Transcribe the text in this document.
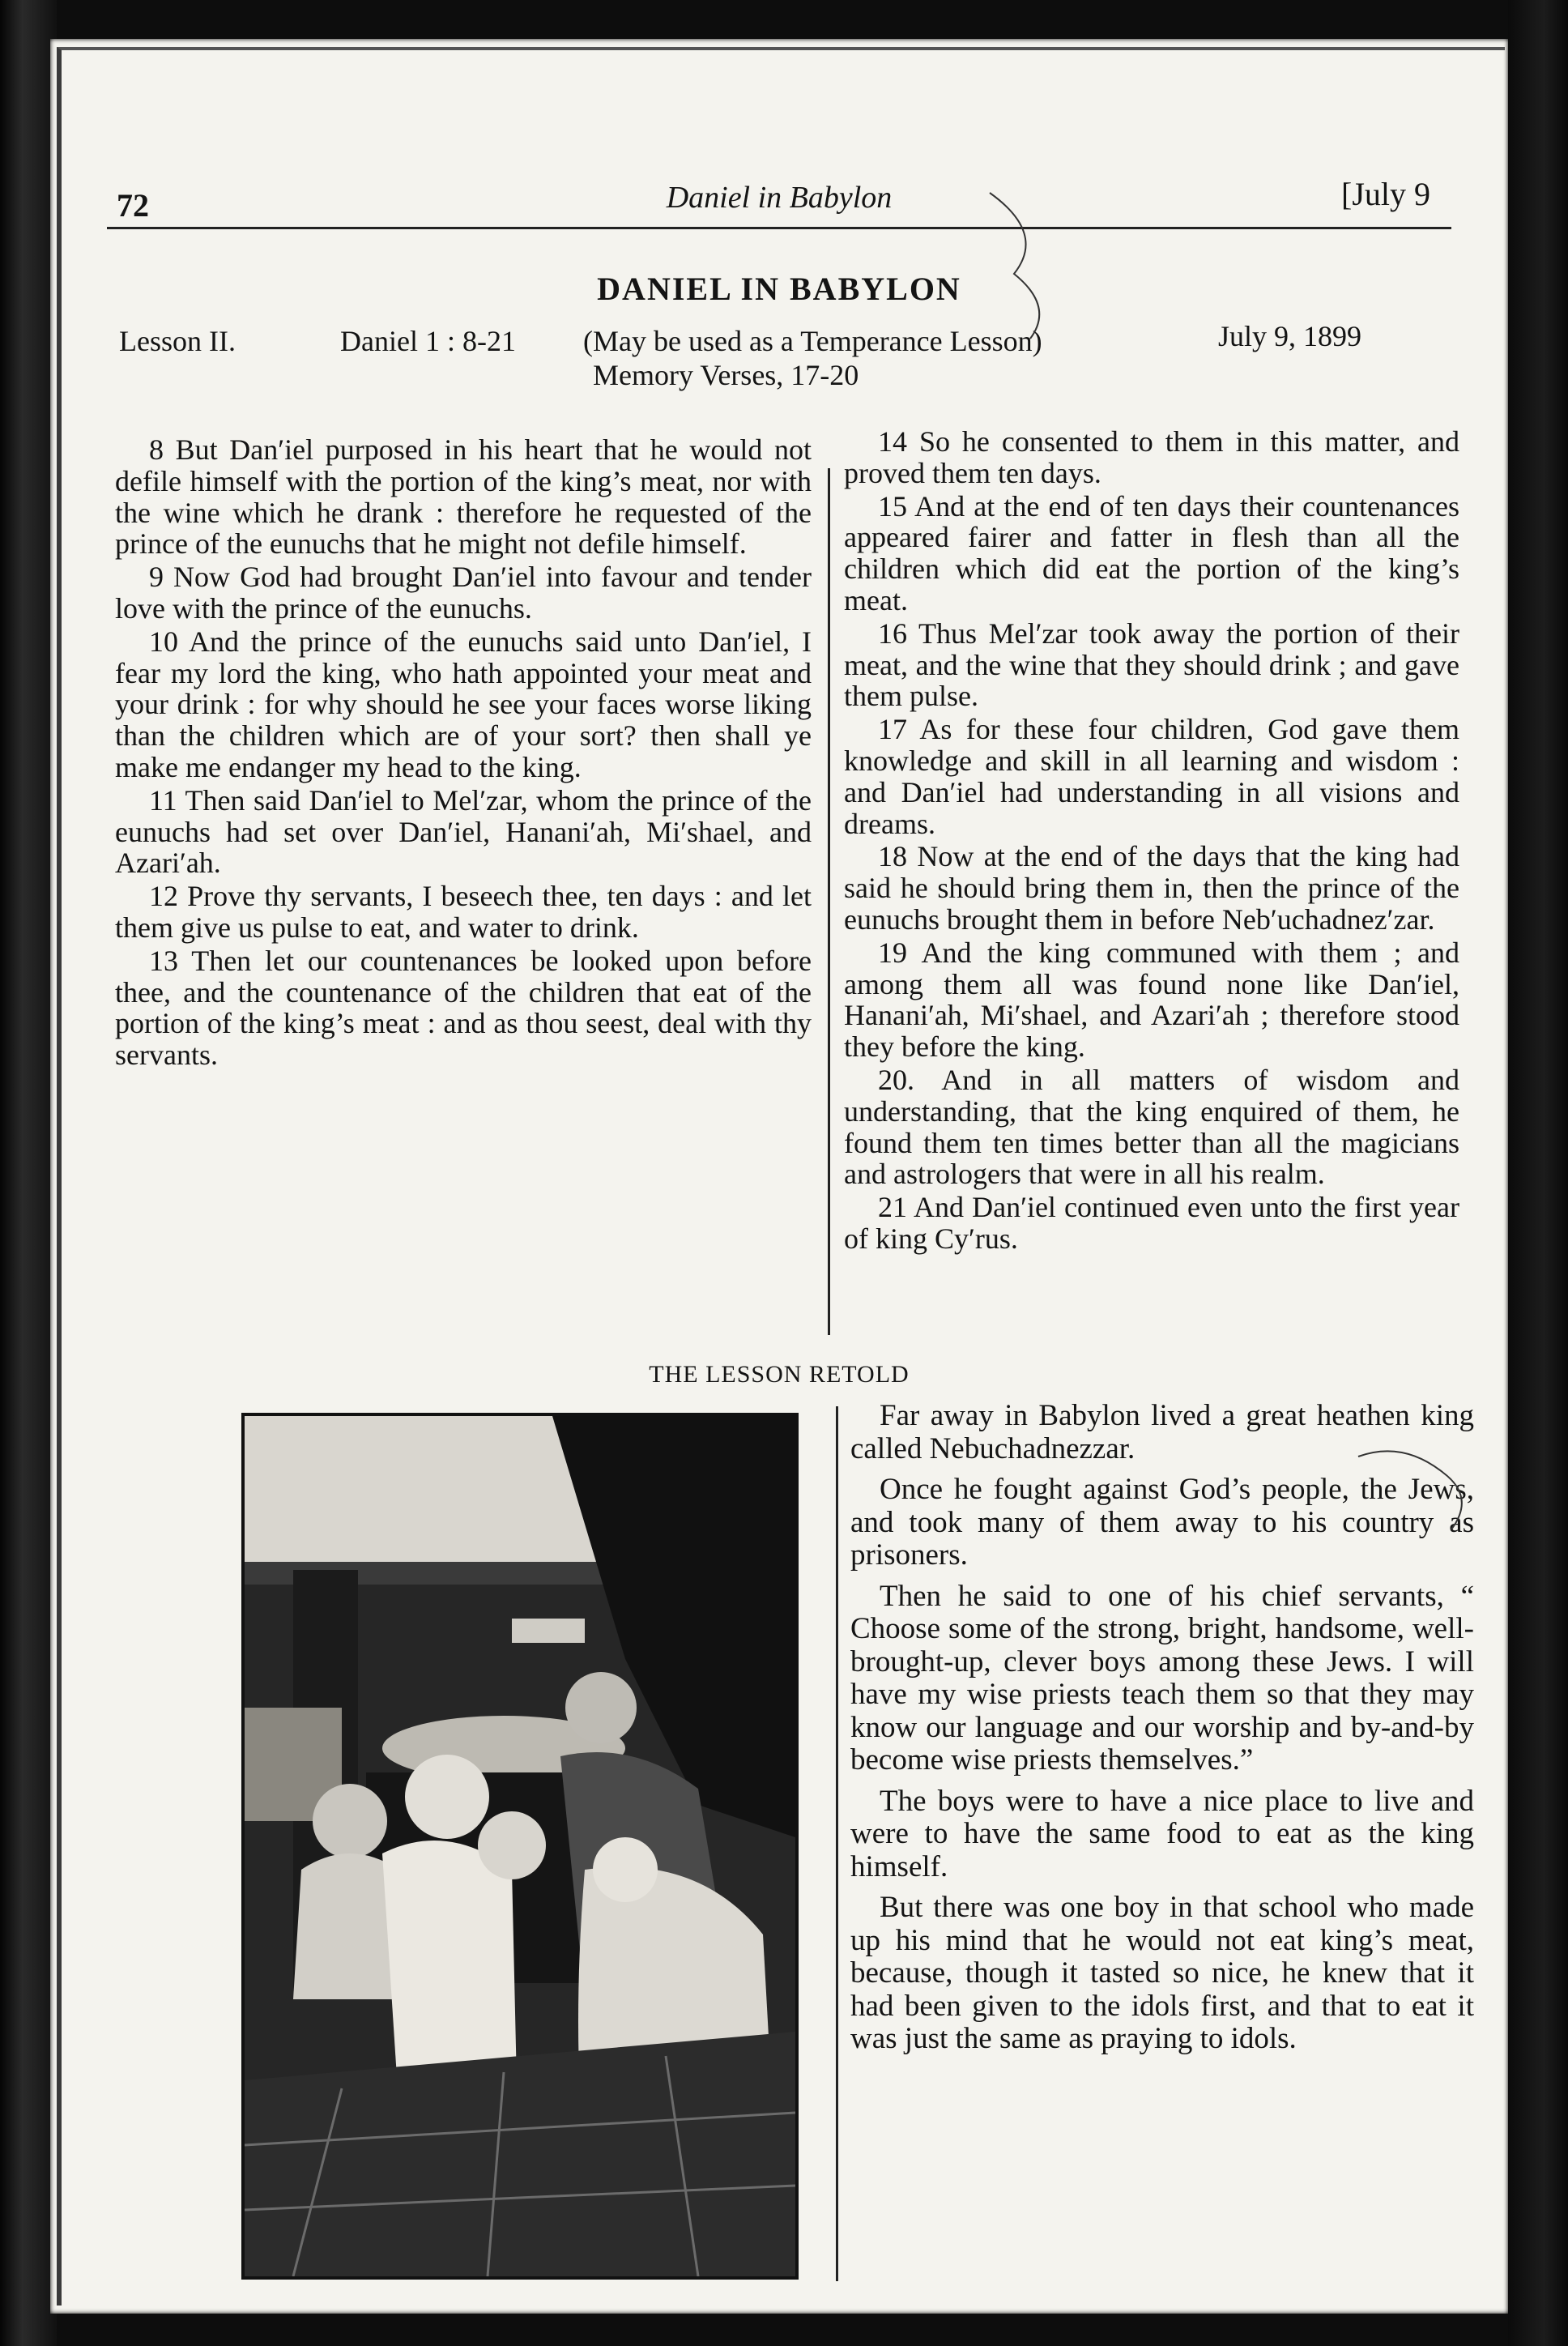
72	Daniel in Babylon	[July 9
DANIEL IN BABYLON
Lesson II.	Daniel 1 : 8-21 (May be used as a Temperance Lesson)	July 9, 1899
Memory Verses, 17-20

8 But Dan′iel purposed in his heart that he would not defile himself with the portion of the king’s meat, nor with the wine which he drank : therefore he requested of the prince of the eunuchs that he might not defile himself.

9 Now God had brought Dan′iel into favour and tender love with the prince of the eunuchs.

10 And the prince of the eunuchs said unto Dan′iel, I fear my lord the king, who hath appointed your meat and your drink : for why should he see your faces worse liking than the children which are of your sort? then shall ye make me endanger my head to the king.

11 Then said Dan′iel to Mel′zar, whom the prince of the eunuchs had set over Dan′iel, Hanani′ah, Mi′shael, and Azari′ah.

12 Prove thy servants, I beseech thee, ten days : and let them give us pulse to eat, and water to drink.

13 Then let our countenances be looked upon before thee, and the countenance of the children that eat of the portion of the king’s meat : and as thou seest, deal with thy servants.

14 So he consented to them in this matter, and proved them ten days.

15 And at the end of ten days their countenances appeared fairer and fatter in flesh than all the children which did eat the portion of the king’s meat.

16 Thus Mel′zar took away the portion of their meat, and the wine that they should drink ; and gave them pulse.

17 As for these four children, God gave them knowledge and skill in all learning and wisdom : and Dan′iel had understanding in all visions and dreams.

18 Now at the end of the days that the king had said he should bring them in, then the prince of the eunuchs brought them in before Neb′uchadnez′zar.

19 And the king communed with them ; and among them all was found none like Dan′iel, Hanani′ah, Mi′shael, and Azari′ah ; therefore stood they before the king.

20. And in all matters of wisdom and understanding, that the king enquired of them, he found them ten times better than all the magicians and astrologers that were in all his realm.

21 And Dan′iel continued even unto the first year of king Cy′rus.

THE LESSON RETOLD

Far away in Babylon lived a great heathen king called Nebuchadnezzar.

Once he fought against God’s people, the Jews, and took many of them away to his country as prisoners.

Then he said to one of his chief servants, “ Choose some of the strong, bright, handsome, well-brought-up, clever boys among these Jews. I will have my wise priests teach them so that they may know our language and our worship and by-and-by become wise priests themselves.”

The boys were to have a nice place to live and were to have the same food to eat as the king himself.

But there was one boy in that school who made up his mind that he would not eat king’s meat, because, though it tasted so nice, he knew that it had been given to the idols first, and that to eat it was just the same as praying to idols.
